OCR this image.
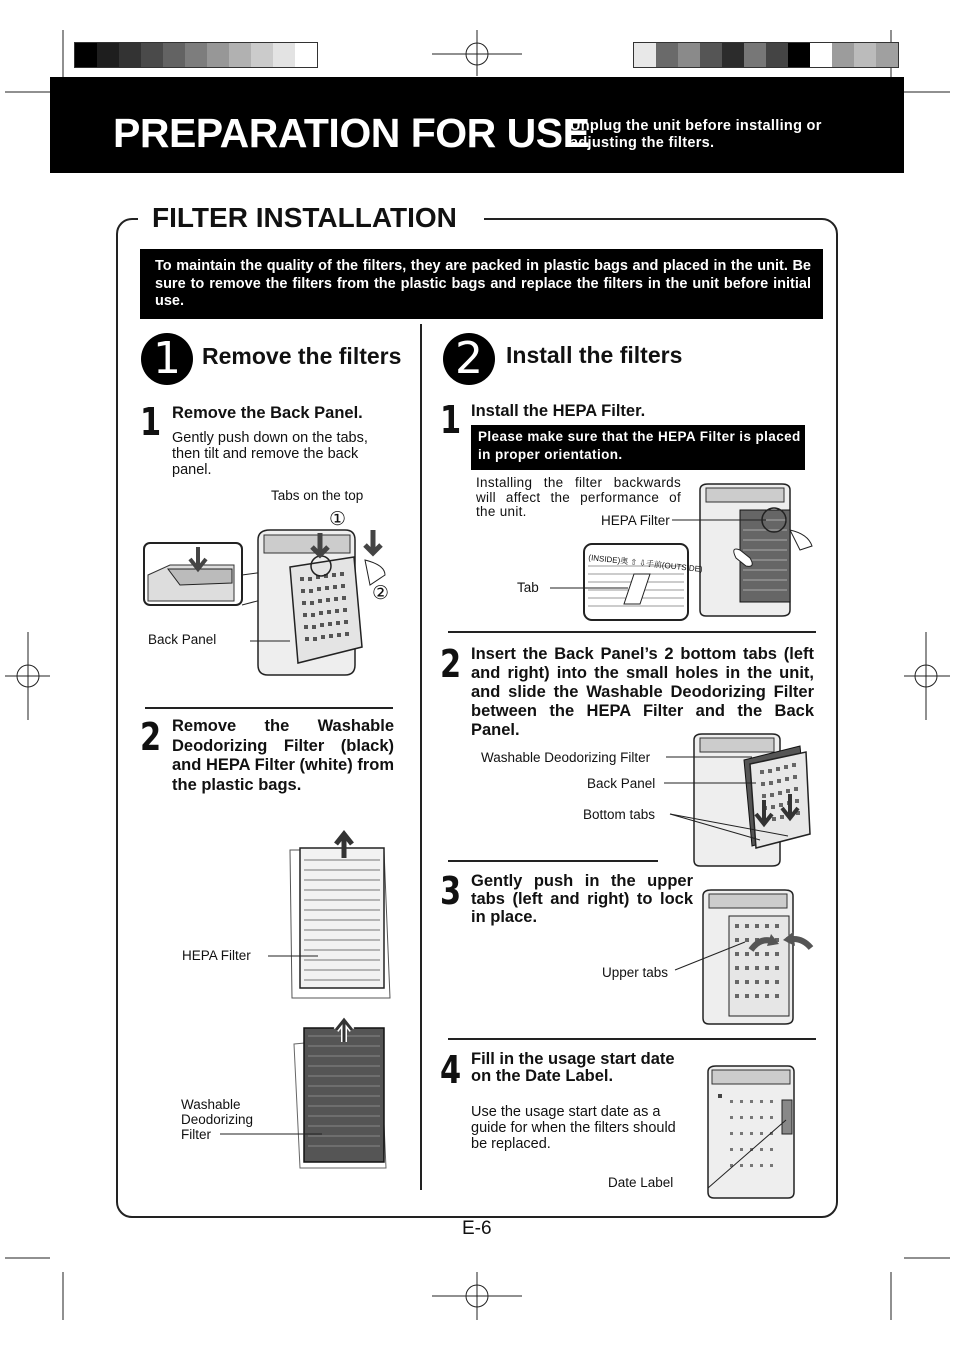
PREPARATION FOR USE
Unplug the unit before installing or adjusting the filters.
FILTER INSTALLATION
To maintain the quality of the filters, they are packed in plastic bags and placed in the unit. Be sure to remove the filters from the plastic bags and replace the filters in the unit before initial use.
1 Remove the filters
1 Remove the Back Panel.
Gently push down on the tabs, then tilt and remove the back panel.
Tabs on the top
Back Panel
①
②
2 Remove the Washable Deodorizing Filter (black) and HEPA Filter (white) from the plastic bags.
HEPA Filter
Washable Deodorizing Filter
2	Install the filters
1 Install the HEPA Filter.
Please make sure that the HEPA Filter is placed in proper orientation.
Installing the filter backwards will affect the performance of the unit.
HEPA Filter
Tab
(INSIDE)奥 ⇧ ⇩手前(OUTSIDE)
2 Insert the Back Panel’s 2 bottom tabs (left and right) into the small holes in the unit, and slide the Washable Deodorizing Filter between the HEPA Filter and the Back Panel.
Washable Deodorizing Filter
Back Panel
Bottom tabs
3 Gently push in the upper tabs (left and right) to lock in place.
Upper tabs
4 Fill in the usage start date on the Date Label.
Use the usage start date as a guide for when the filters should be replaced.
Date Label
E-6
